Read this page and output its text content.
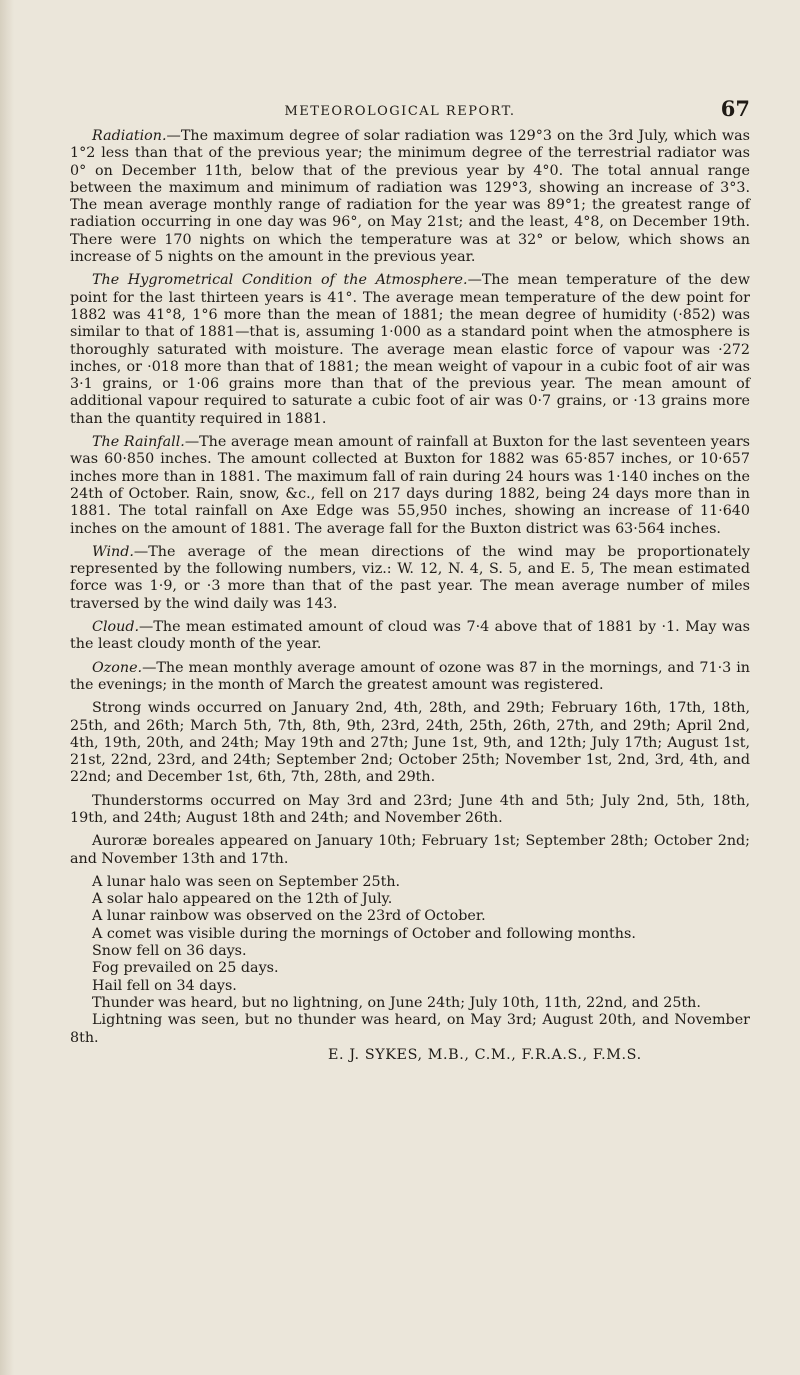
METEOROLOGICAL REPORT.	67

Radiation.—The maximum degree of solar radiation was 129°3 on the 3rd July, which was 1°2 less than that of the previous year; the minimum degree of the terrestrial radiator was 0° on December 11th, below that of the previous year by 4°0. The total annual range between the maximum and minimum of radiation was 129°3, showing an increase of 3°3. The mean average monthly range of radiation for the year was 89°1; the greatest range of radiation occurring in one day was 96°, on May 21st; and the least, 4°8, on December 19th. There were 170 nights on which the temperature was at 32° or below, which shows an increase of 5 nights on the amount in the previous year.

The Hygrometrical Condition of the Atmosphere.—The mean temperature of the dew point for the last thirteen years is 41°. The average mean temperature of the dew point for 1882 was 41°8, 1°6 more than the mean of 1881; the mean degree of humidity (·852) was similar to that of 1881—that is, assuming 1·000 as a standard point when the atmosphere is thoroughly saturated with moisture. The average mean elastic force of vapour was ·272 inches, or ·018 more than that of 1881; the mean weight of vapour in a cubic foot of air was 3·1 grains, or 1·06 grains more than that of the previous year. The mean amount of additional vapour required to saturate a cubic foot of air was 0·7 grains, or ·13 grains more than the quantity required in 1881.

The Rainfall.—The average mean amount of rainfall at Buxton for the last seventeen years was 60·850 inches. The amount collected at Buxton for 1882 was 65·857 inches, or 10·657 inches more than in 1881. The maximum fall of rain during 24 hours was 1·140 inches on the 24th of October. Rain, snow, &c., fell on 217 days during 1882, being 24 days more than in 1881. The total rainfall on Axe Edge was 55,950 inches, showing an increase of 11·640 inches on the amount of 1881. The average fall for the Buxton district was 63·564 inches.

Wind.—The average of the mean directions of the wind may be proportionately represented by the following numbers, viz.: W. 12, N. 4, S. 5, and E. 5, The mean estimated force was 1·9, or ·3 more than that of the past year. The mean average number of miles traversed by the wind daily was 143.

Cloud.—The mean estimated amount of cloud was 7·4 above that of 1881 by ·1. May was the least cloudy month of the year.

Ozone.—The mean monthly average amount of ozone was 87 in the mornings, and 71·3 in the evenings; in the month of March the greatest amount was registered.

Strong winds occurred on January 2nd, 4th, 28th, and 29th; February 16th, 17th, 18th, 25th, and 26th; March 5th, 7th, 8th, 9th, 23rd, 24th, 25th, 26th, 27th, and 29th; April 2nd, 4th, 19th, 20th, and 24th; May 19th and 27th; June 1st, 9th, and 12th; July 17th; August 1st, 21st, 22nd, 23rd, and 24th; September 2nd; October 25th; November 1st, 2nd, 3rd, 4th, and 22nd; and December 1st, 6th, 7th, 28th, and 29th.

Thunderstorms occurred on May 3rd and 23rd; June 4th and 5th; July 2nd, 5th, 18th, 19th, and 24th; August 18th and 24th; and November 26th.

Auroræ boreales appeared on January 10th; February 1st; September 28th; October 2nd; and November 13th and 17th.

A lunar halo was seen on September 25th.

A solar halo appeared on the 12th of July.

A lunar rainbow was observed on the 23rd of October.

A comet was visible during the mornings of October and following months.

Snow fell on 36 days.

Fog prevailed on 25 days.

Hail fell on 34 days.

Thunder was heard, but no lightning, on June 24th; July 10th, 11th, 22nd, and 25th.

Lightning was seen, but no thunder was heard, on May 3rd; August 20th, and November 8th.

E. J. SYKES, M.B., C.M., F.R.A.S., F.M.S.
